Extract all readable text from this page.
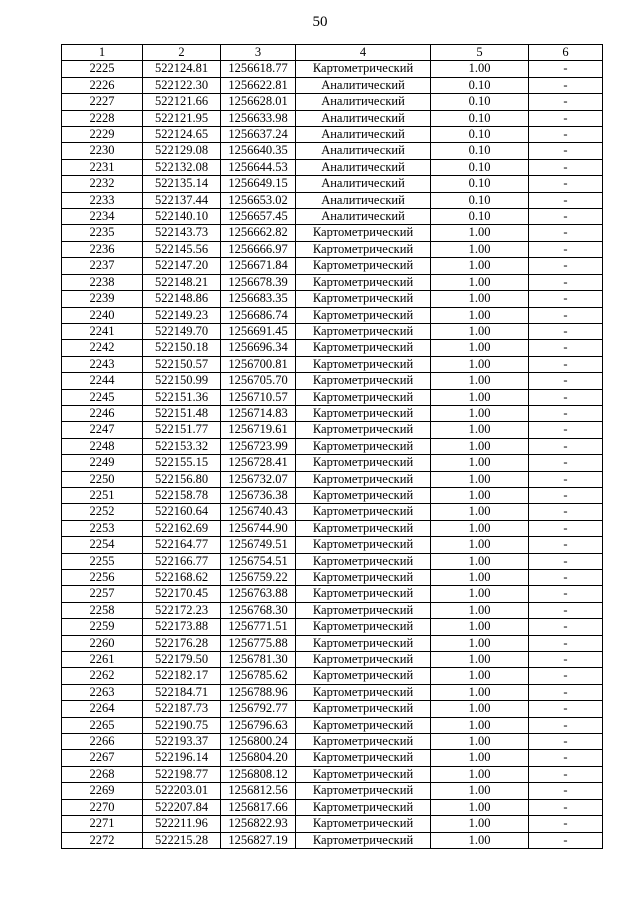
50
1	2	3	4	5	6
2225	522124.81	1256618.77	Картометрический	1.00	-
2226	522122.30	1256622.81	Аналитический	0.10	-
2227	522121.66	1256628.01	Аналитический	0.10	-
2228	522121.95	1256633.98	Аналитический	0.10	-
2229	522124.65	1256637.24	Аналитический	0.10	-
2230	522129.08	1256640.35	Аналитический	0.10	-
2231	522132.08	1256644.53	Аналитический	0.10	-
2232	522135.14	1256649.15	Аналитический	0.10	-
2233	522137.44	1256653.02	Аналитический	0.10	-
2234	522140.10	1256657.45	Аналитический	0.10	-
2235	522143.73	1256662.82	Картометрический	1.00	-
2236	522145.56	1256666.97	Картометрический	1.00	-
2237	522147.20	1256671.84	Картометрический	1.00	-
2238	522148.21	1256678.39	Картометрический	1.00	-
2239	522148.86	1256683.35	Картометрический	1.00	-
2240	522149.23	1256686.74	Картометрический	1.00	-
2241	522149.70	1256691.45	Картометрический	1.00	-
2242	522150.18	1256696.34	Картометрический	1.00	-
2243	522150.57	1256700.81	Картометрический	1.00	-
2244	522150.99	1256705.70	Картометрический	1.00	-
2245	522151.36	1256710.57	Картометрический	1.00	-
2246	522151.48	1256714.83	Картометрический	1.00	-
2247	522151.77	1256719.61	Картометрический	1.00	-
2248	522153.32	1256723.99	Картометрический	1.00	-
2249	522155.15	1256728.41	Картометрический	1.00	-
2250	522156.80	1256732.07	Картометрический	1.00	-
2251	522158.78	1256736.38	Картометрический	1.00	-
2252	522160.64	1256740.43	Картометрический	1.00	-
2253	522162.69	1256744.90	Картометрический	1.00	-
2254	522164.77	1256749.51	Картометрический	1.00	-
2255	522166.77	1256754.51	Картометрический	1.00	-
2256	522168.62	1256759.22	Картометрический	1.00	-
2257	522170.45	1256763.88	Картометрический	1.00	-
2258	522172.23	1256768.30	Картометрический	1.00	-
2259	522173.88	1256771.51	Картометрический	1.00	-
2260	522176.28	1256775.88	Картометрический	1.00	-
2261	522179.50	1256781.30	Картометрический	1.00	-
2262	522182.17	1256785.62	Картометрический	1.00	-
2263	522184.71	1256788.96	Картометрический	1.00	-
2264	522187.73	1256792.77	Картометрический	1.00	-
2265	522190.75	1256796.63	Картометрический	1.00	-
2266	522193.37	1256800.24	Картометрический	1.00	-
2267	522196.14	1256804.20	Картометрический	1.00	-
2268	522198.77	1256808.12	Картометрический	1.00	-
2269	522203.01	1256812.56	Картометрический	1.00	-
2270	522207.84	1256817.66	Картометрический	1.00	-
2271	522211.96	1256822.93	Картометрический	1.00	-
2272	522215.28	1256827.19	Картометрический	1.00	-
